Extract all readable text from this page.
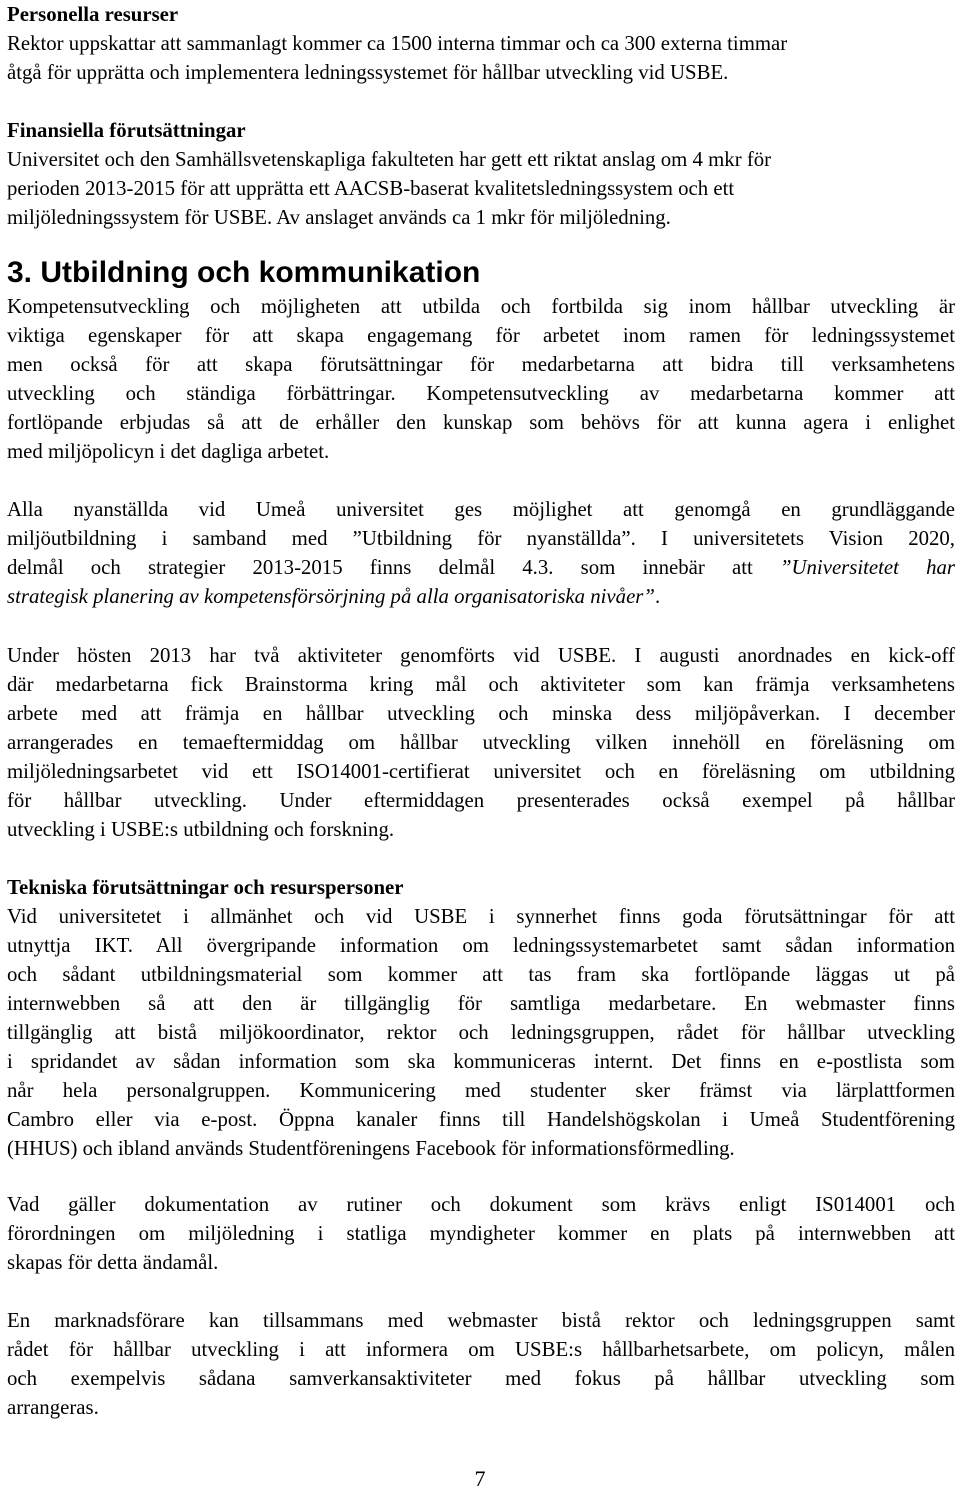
Personella resurser

Rektor uppskattar att sammanlagt kommer ca 1500 interna timmar och ca 300 externa timmar

åtgå för upprätta och implementera ledningssystemet för hållbar utveckling vid USBE.

Finansiella förutsättningar

Universitet och den Samhällsvetenskapliga fakulteten har gett ett riktat anslag om 4 mkr för

perioden 2013-2015 för att upprätta ett AACSB-baserat kvalitetsledningssystem och ett

miljöledningssystem för USBE. Av anslaget används ca 1 mkr för miljöledning.

3. Utbildning och kommunikation

Kompetensutveckling och möjligheten att utbilda och fortbilda sig inom hållbar utveckling är

viktiga egenskaper för att skapa engagemang för arbetet inom ramen för ledningssystemet

men också för att skapa förutsättningar för medarbetarna att bidra till verksamhetens

utveckling och ständiga förbättringar. Kompetensutveckling av medarbetarna kommer att

fortlöpande erbjudas så att de erhåller den kunskap som behövs för att kunna agera i enlighet

med miljöpolicyn i det dagliga arbetet.

Alla nyanställda vid Umeå universitet ges möjlighet att genomgå en grundläggande

miljöutbildning i samband med ”Utbildning för nyanställda”. I universitetets Vision 2020,

delmål och strategier 2013-2015 finns delmål 4.3. som innebär att ”Universitetet har

strategisk planering av kompetensförsörjning på alla organisatoriska nivåer”.

Under hösten 2013 har två aktiviteter genomförts vid USBE. I augusti anordnades en kick-off

där medarbetarna fick Brainstorma kring mål och aktiviteter som kan främja verksamhetens

arbete med att främja en hållbar utveckling och minska dess miljöpåverkan. I december

arrangerades en temaeftermiddag om hållbar utveckling vilken innehöll en föreläsning om

miljöledningsarbetet vid ett ISO14001-certifierat universitet och en föreläsning om utbildning

för hållbar utveckling. Under eftermiddagen presenterades också exempel på hållbar

utveckling i USBE:s utbildning och forskning.

Tekniska förutsättningar och resurspersoner

Vid universitetet i allmänhet och vid USBE i synnerhet finns goda förutsättningar för att

utnyttja IKT. All övergripande information om ledningssystemarbetet samt sådan information

och sådant utbildningsmaterial som kommer att tas fram ska fortlöpande läggas ut på

internwebben så att den är tillgänglig för samtliga medarbetare. En webmaster finns

tillgänglig att bistå miljökoordinator, rektor och ledningsgruppen, rådet för hållbar utveckling

i spridandet av sådan information som ska kommuniceras internt. Det finns en e-postlista som

når hela personalgruppen. Kommunicering med studenter sker främst via lärplattformen

Cambro eller via e-post. Öppna kanaler finns till Handelshögskolan i Umeå Studentförening

(HHUS) och ibland används Studentföreningens Facebook för informationsförmedling.

Vad gäller dokumentation av rutiner och dokument som krävs enligt IS014001 och

förordningen om miljöledning i statliga myndigheter kommer en plats på internwebben att

skapas för detta ändamål.

En marknadsförare kan tillsammans med webmaster bistå rektor och ledningsgruppen samt

rådet för hållbar utveckling i att informera om USBE:s hållbarhetsarbete, om policyn, målen

och exempelvis sådana samverkansaktiviteter med fokus på hållbar utveckling som

arrangeras.

7
